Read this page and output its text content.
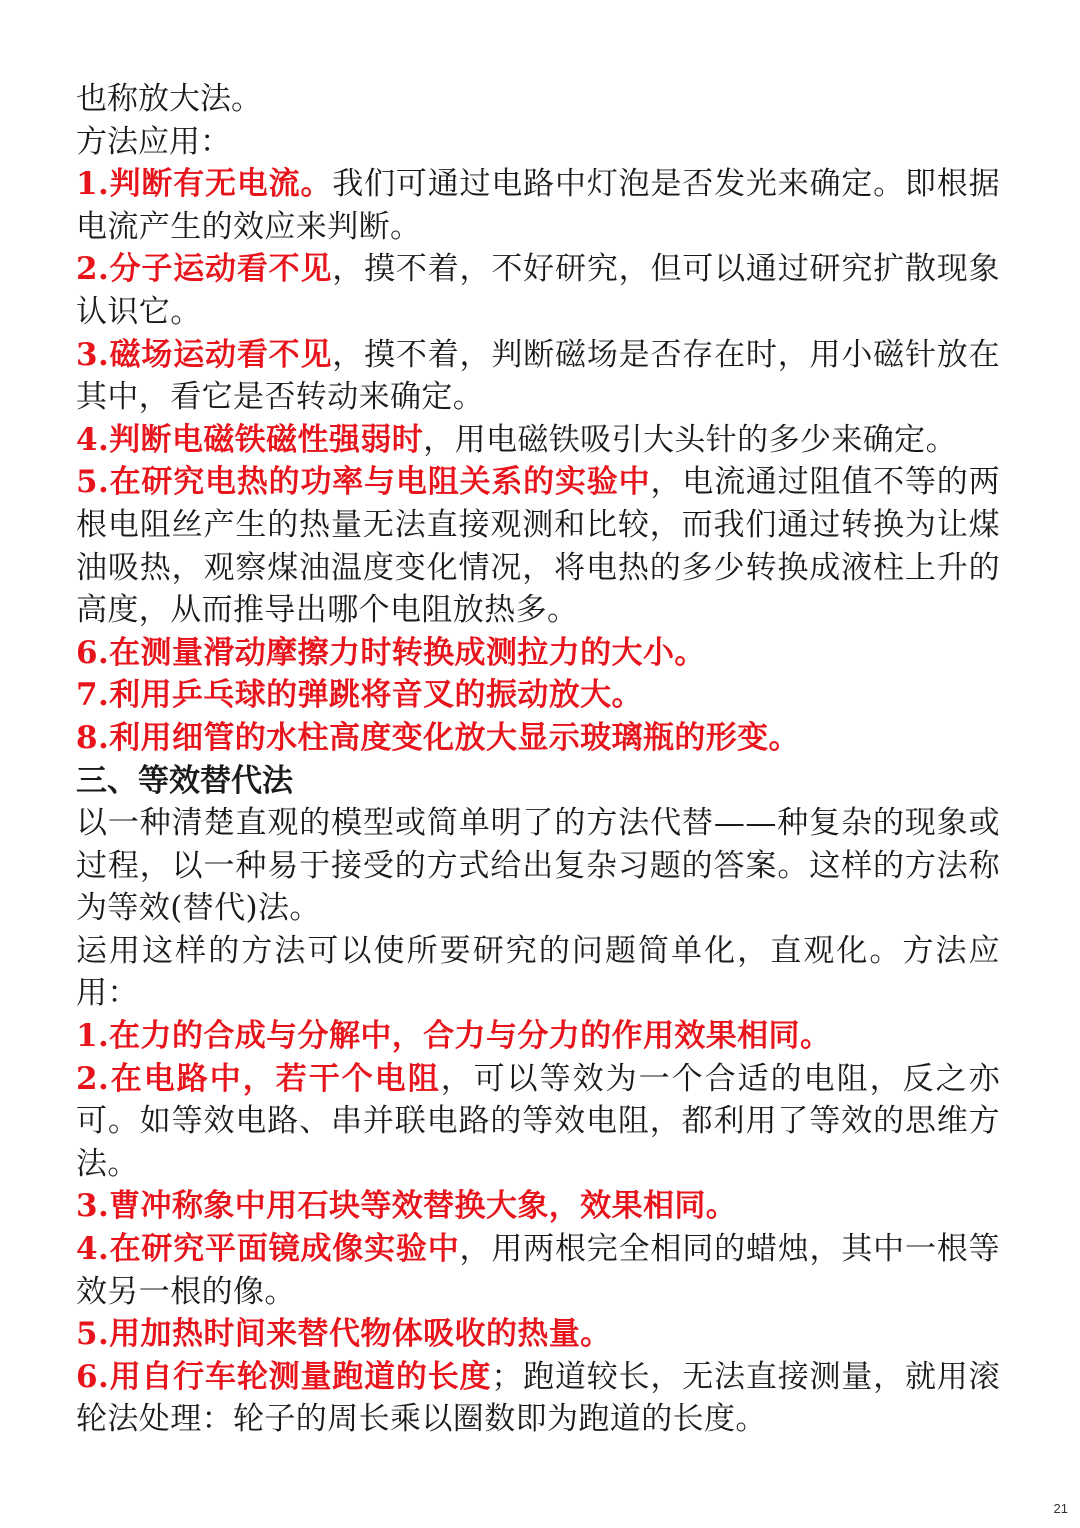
也称放大法。
方法应用：
1.判断有无电流。我们可通过电路中灯泡是否发光来确定。即根据电流产生的效应来判断。
2.分子运动看不见，摸不着，不好研究，但可以通过研究扩散现象认识它。
3.磁场运动看不见，摸不着，判断磁场是否存在时，用小磁针放在其中，看它是否转动来确定。
4.判断电磁铁磁性强弱时，用电磁铁吸引大头针的多少来确定。
5.在研究电热的功率与电阻关系的实验中，电流通过阻值不等的两根电阻丝产生的热量无法直接观测和比较，而我们通过转换为让煤油吸热，观察煤油温度变化情况，将电热的多少转换成液柱上升的高度，从而推导出哪个电阻放热多。
6.在测量滑动摩擦力时转换成测拉力的大小。
7.利用乒乓球的弹跳将音叉的振动放大。
8.利用细管的水柱高度变化放大显示玻璃瓶的形变。
三、等效替代法
以一种清楚直观的模型或简单明了的方法代替——种复杂的现象或过程，以一种易于接受的方式给出复杂习题的答案。这样的方法称为等效(替代)法。
运用这样的方法可以使所要研究的问题简单化，直观化。方法应用：
1.在力的合成与分解中，合力与分力的作用效果相同。
2.在电路中，若干个电阻，可以等效为一个合适的电阻，反之亦可。如等效电路、串并联电路的等效电阻，都利用了等效的思维方法。
3.曹冲称象中用石块等效替换大象，效果相同。
4.在研究平面镜成像实验中，用两根完全相同的蜡烛，其中一根等效另一根的像。
5.用加热时间来替代物体吸收的热量。
6.用自行车轮测量跑道的长度；跑道较长，无法直接测量，就用滚轮法处理：轮子的周长乘以圈数即为跑道的长度。
21
